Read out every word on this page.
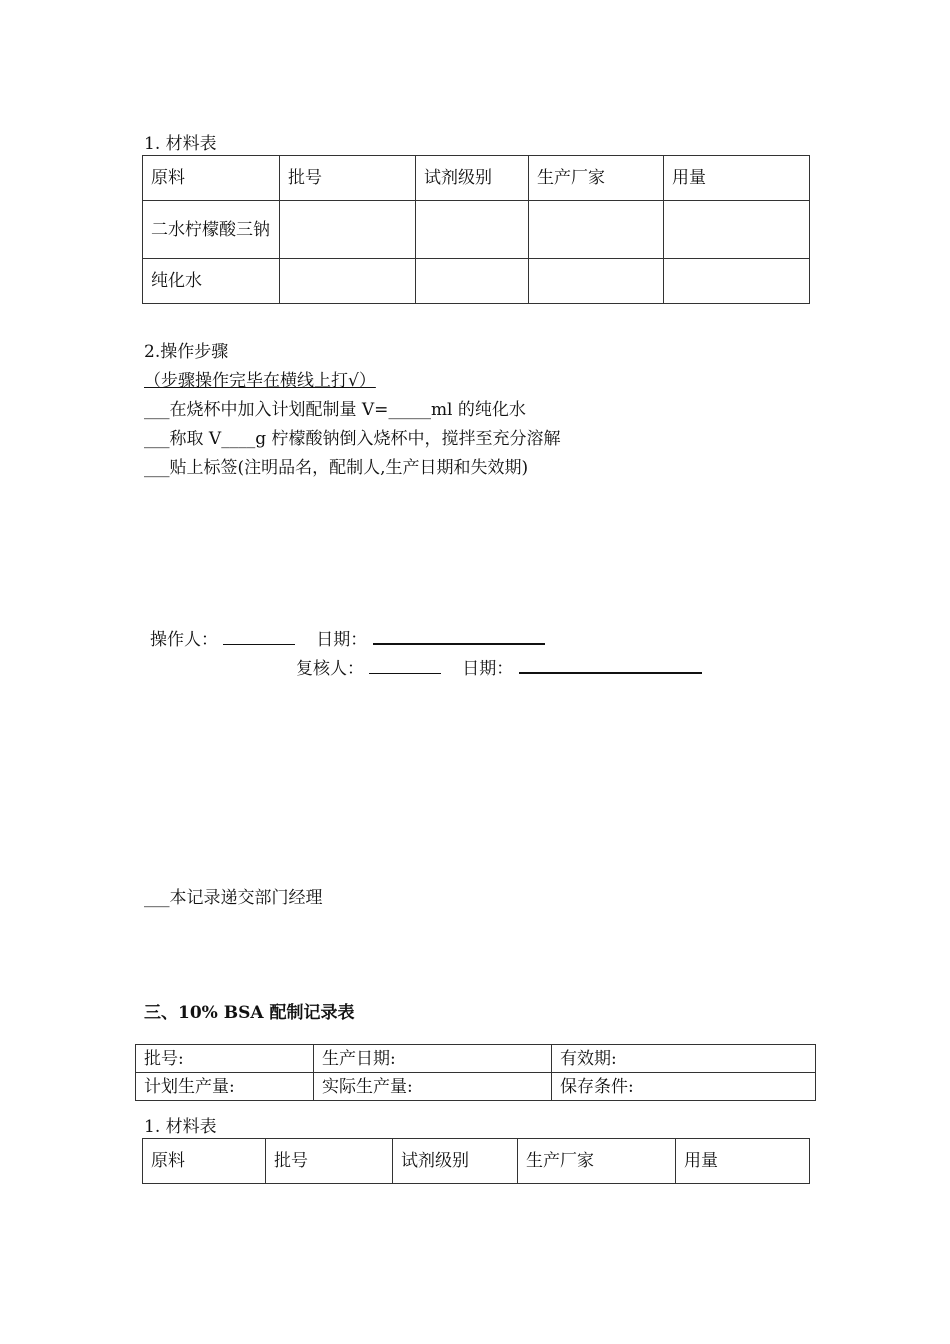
1. 材料表
原料	批号	试剂级别	生产厂家	用量
二水柠檬酸三钠				
纯化水				
2.操作步骤
（步骤操作完毕在横线上打√）
___在烧杯中加入计划配制量 V=_____ml 的纯化水
___称取 V____g 柠檬酸钠倒入烧杯中，搅拌至充分溶解
___贴上标签(注明品名，配制人,生产日期和失效期)
操作人：	日期：
复核人：	日期：
___本记录递交部门经理
三、10% BSA 配制记录表
批号:	生产日期:	有效期:
计划生产量:	实际生产量:	保存条件:
1. 材料表
原料	批号	试剂级别	生产厂家	用量
